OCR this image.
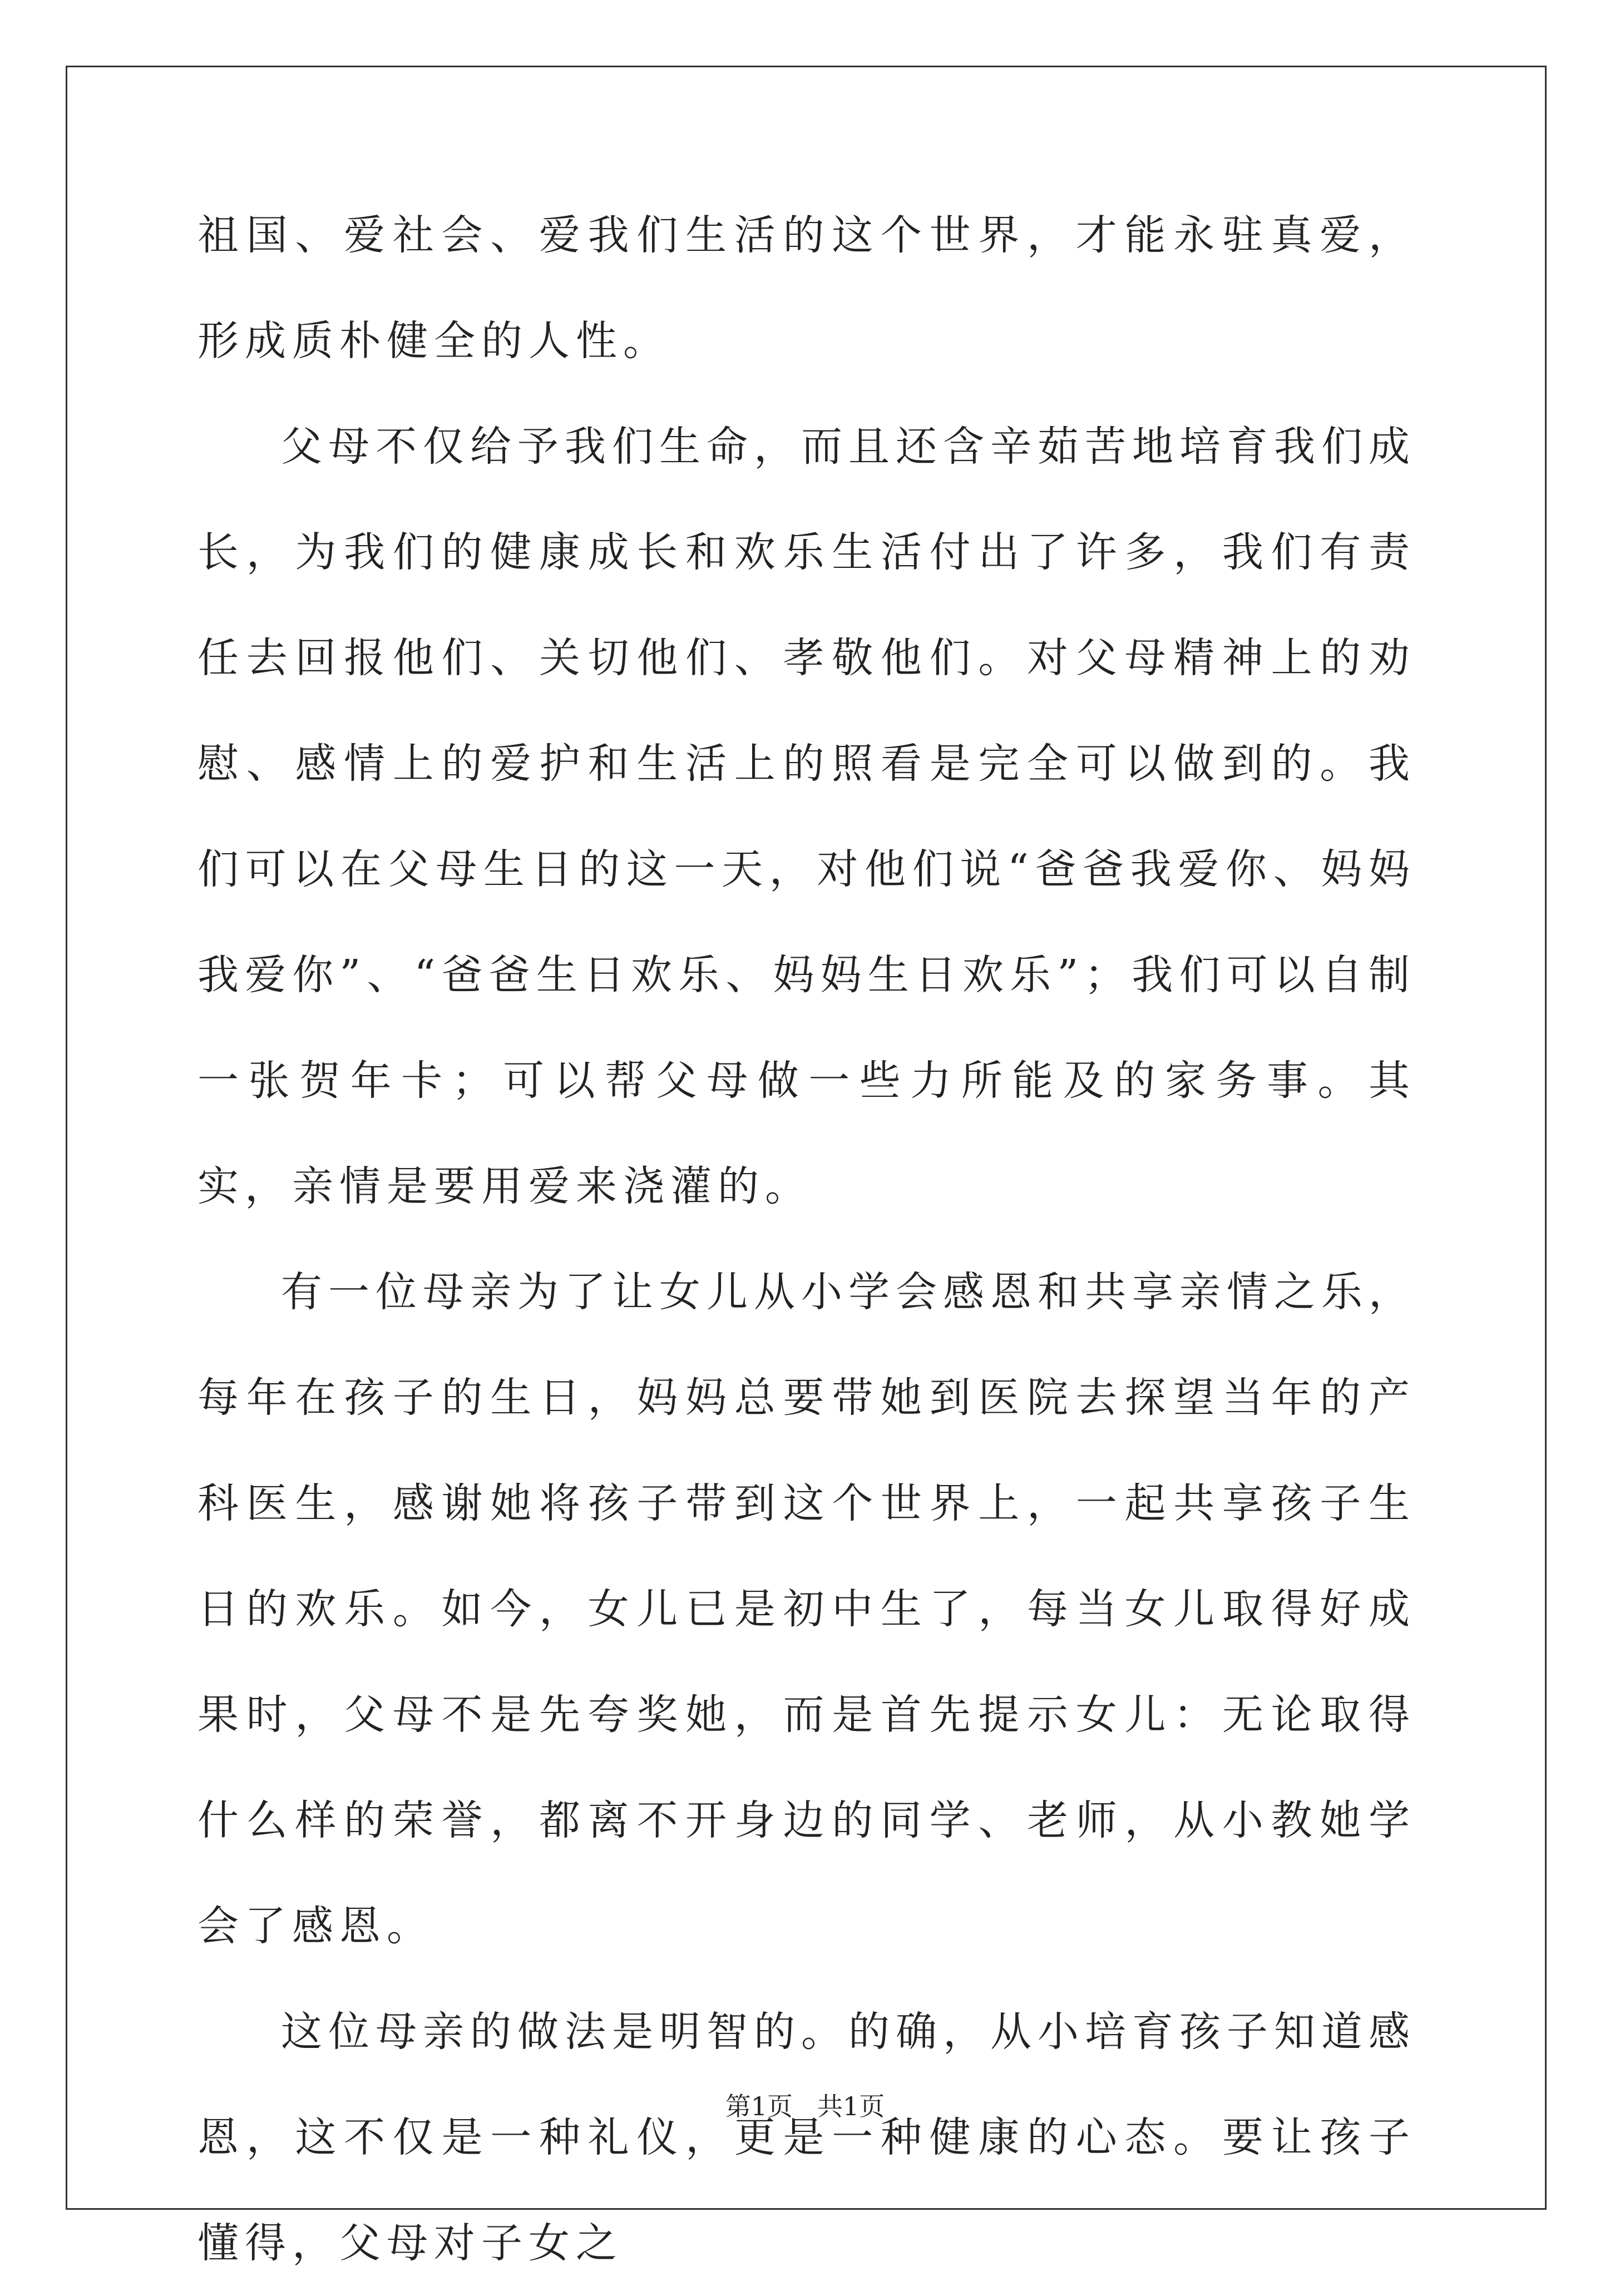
祖国、爱社会、爱我们生活的这个世界，才能永驻真爱，形成质朴健全的人性。

父母不仅给予我们生命，而且还含辛茹苦地培育我们成长，为我们的健康成长和欢乐生活付出了许多，我们有责任去回报他们、关切他们、孝敬他们。对父母精神上的劝慰、感情上的爱护和生活上的照看是完全可以做到的。我们可以在父母生日的这一天，对他们说“爸爸我爱你、妈妈我爱你”、“爸爸生日欢乐、妈妈生日欢乐”；我们可以自制一张贺年卡；可以帮父母做一些力所能及的家务事。其实，亲情是要用爱来浇灌的。

有一位母亲为了让女儿从小学会感恩和共享亲情之乐，每年在孩子的生日，妈妈总要带她到医院去探望当年的产科医生，感谢她将孩子带到这个世界上，一起共享孩子生日的欢乐。如今，女儿已是初中生了，每当女儿取得好成果时，父母不是先夸奖她，而是首先提示女儿：无论取得什么样的荣誉，都离不开身边的同学、老师，从小教她学会了感恩。

这位母亲的做法是明智的。的确，从小培育孩子知道感恩，这不仅是一种礼仪，更是一种健康的心态。要让孩子懂得，父母对子女之

第1页 共1页
